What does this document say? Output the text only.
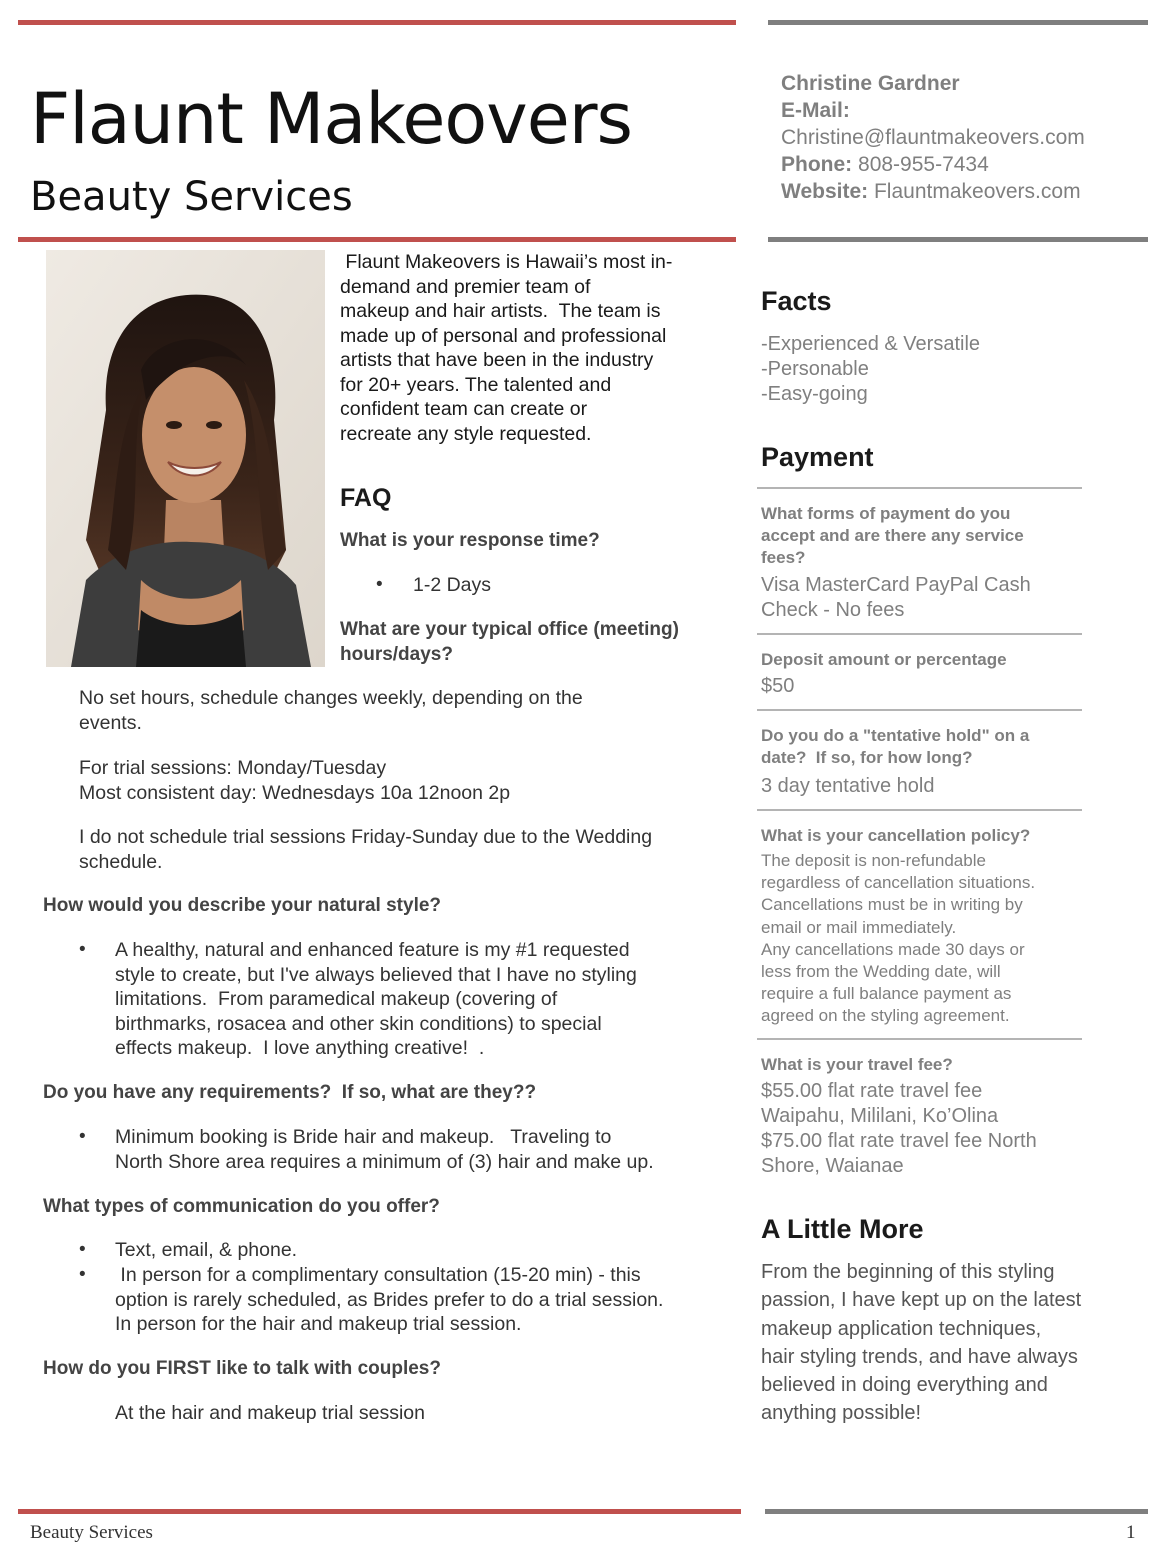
Flaunt Makeovers
Beauty Services
Christine Gardner
E-Mail:
Christine@flauntmakeovers.com
Phone: 808-955-7434
Website: Flauntmakeovers.com
Flaunt Makeovers is Hawaii’s most in-
demand and premier team of
makeup and hair artists.  The team is
made up of personal and professional
artists that have been in the industry
for 20+ years. The talented and
confident team can create or
recreate any style requested.
FAQ
What is your response time?
• 1-2 Days
What are your typical office (meeting)
hours/days?
No set hours, schedule changes weekly, depending on the
events.
For trial sessions: Monday/Tuesday
Most consistent day: Wednesdays 10a 12noon 2p
I do not schedule trial sessions Friday-Sunday due to the Wedding
schedule.
How would you describe your natural style?
• A healthy, natural and enhanced feature is my #1 requested
style to create, but I've always believed that I have no styling
limitations.  From paramedical makeup (covering of
birthmarks, rosacea and other skin conditions) to special
effects makeup.  I love anything creative!  .
Do you have any requirements?  If so, what are they??
• Minimum booking is Bride hair and makeup.   Traveling to
North Shore area requires a minimum of (3) hair and make up.
What types of communication do you offer?
• Text, email, & phone.
• In person for a complimentary consultation (15-20 min) - this
option is rarely scheduled, as Brides prefer to do a trial session.
In person for the hair and makeup trial session.
How do you FIRST like to talk with couples?
At the hair and makeup trial session
Facts
-Experienced & Versatile
-Personable
-Easy-going
Payment
What forms of payment do you
accept and are there any service
fees?
Visa MasterCard PayPal Cash
Check - No fees
Deposit amount or percentage
$50
Do you do a "tentative hold" on a
date?  If so, for how long?
3 day tentative hold
What is your cancellation policy?
The deposit is non-refundable
regardless of cancellation situations.
Cancellations must be in writing by
email or mail immediately.
Any cancellations made 30 days or
less from the Wedding date, will
require a full balance payment as
agreed on the styling agreement.
What is your travel fee?
$55.00 flat rate travel fee
Waipahu, Mililani, Ko’Olina
$75.00 flat rate travel fee North
Shore, Waianae
A Little More
From the beginning of this styling
passion, I have kept up on the latest
makeup application techniques,
hair styling trends, and have always
believed in doing everything and
anything possible!
Beauty Services	1
